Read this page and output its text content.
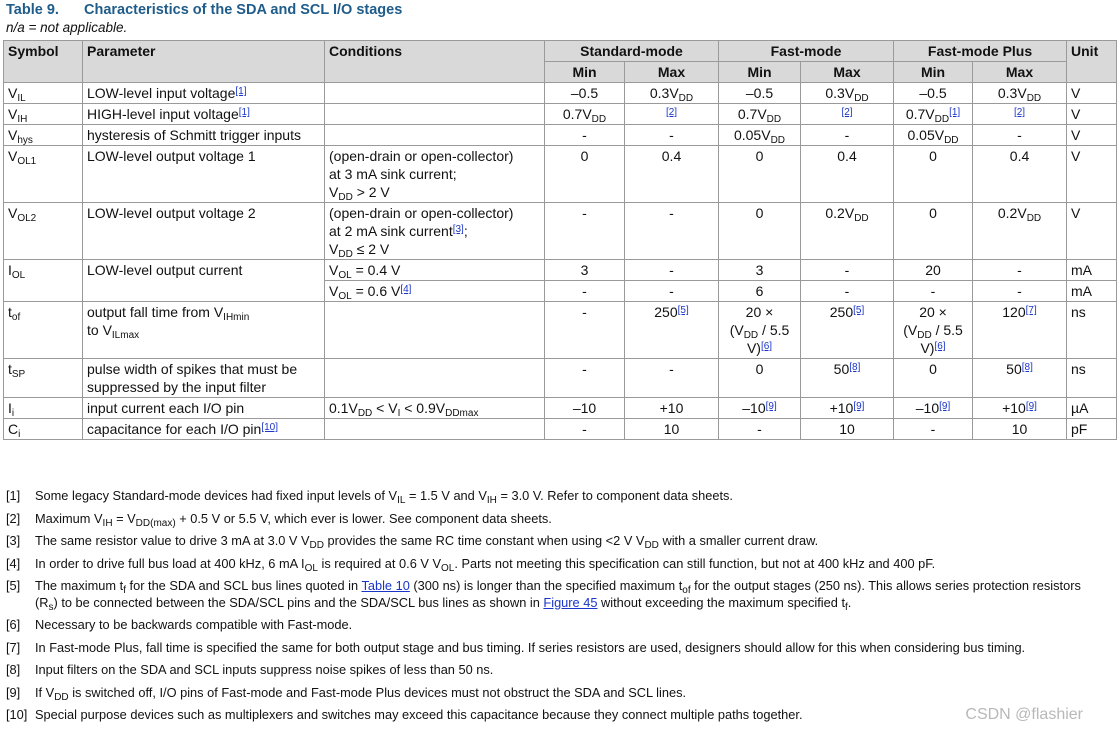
Table 9. Characteristics of the SDA and SCL I/O stages
n/a = not applicable.
Symbol	Parameter	Conditions	Standard-mode		Fast-mode		Fast-mode Plus		Unit
			Min	Max	Min	Max	Min	Max	
$V_{IL}$	LOW-level input voltage[1]		–0.5	$0.3V_{DD}$	–0.5	$0.3V_{DD}$	–0.5	$0.3V_{DD}$	V
$V_{IH}$	HIGH-level input voltage[1]		$0.7V_{DD}$	[2]	$0.7V_{DD}$	[2]	$0.7V_{DD}[1]$	[2]	V
$V_{hys}$	hysteresis of Schmitt trigger inputs		-	-	$0.05V_{DD}$	-	$0.05V_{DD}$	-	V
$V_{OL1}$	LOW-level output voltage 1	(open-drain or open-collector)
at 3 mA sink current;
$V_{DD} > 2$ V	0	0.4	0	0.4	0	0.4	V
$V_{OL2}$	LOW-level output voltage 2	(open-drain or open-collector)
at 2 mA sink current[3];
$V_{DD} \le 2$ V	-	-	0	$0.2V_{DD}$	0	$0.2V_{DD}$	V
$I_{OL}$	LOW-level output current	$V_{OL} = 0.4$ V	3	-	3	-	20	-	mA
		$V_{OL} = 0.6$ V[4]	-	-	6	-	-	-	mA
$t_{of}$	output fall time from $V_{IHmin}$
to $V_{ILmax}$		-	250[5]	20 ×
($V_{DD} / 5.5$ V)[6]	250[5]	20 ×
($V_{DD} / 5.5$ V)[6]	120[7]	ns
$t_{SP}$	pulse width of spikes that must be
suppressed by the input filter		-	-	0	50[8]	0	50[8]	ns
$I_i$	input current each I/O pin	$0.1V_{DD} < V_I < 0.9V_{DDmax}$	–10	+10	–10[9]	+10[9]	–10[9]	+10[9]	µA
$C_i$	capacitance for each I/O pin[10]		-	10	-	10	-	10	pF
[1]	Some legacy Standard-mode devices had fixed input levels of $V_{IL} = 1.5$ V and $V_{IH} = 3.0$ V. Refer to component data sheets.
[2]	Maximum $V_{IH} = V_{DD(max)} + 0.5$ V or 5.5 V, which ever is lower. See component data sheets.
[3]	The same resistor value to drive 3 mA at 3.0 V $V_{DD}$ provides the same RC time constant when using <2 V $V_{DD}$ with a smaller current draw.
[4]	In order to drive full bus load at 400 kHz, 6 mA $I_{OL}$ is required at 0.6 V $V_{OL}$. Parts not meeting this specification can still function, but not at 400 kHz and 400 pF.
[5]	The maximum $t_f$ for the SDA and SCL bus lines quoted in Table 10 (300 ns) is longer than the specified maximum $t_{of}$ for the output stages (250 ns). This allows series protection resistors $(R_s)$ to be connected between the SDA/SCL pins and the SDA/SCL bus lines as shown in Figure 45 without exceeding the maximum specified $t_f$.
[6]	Necessary to be backwards compatible with Fast-mode.
[7]	In Fast-mode Plus, fall time is specified the same for both output stage and bus timing. If series resistors are used, designers should allow for this when considering bus timing.
[8]	Input filters on the SDA and SCL inputs suppress noise spikes of less than 50 ns.
[9]	If $V_{DD}$ is switched off, I/O pins of Fast-mode and Fast-mode Plus devices must not obstruct the SDA and SCL lines.
[10] Special purpose devices such as multiplexers and switches may exceed this capacitance because they connect multiple paths together.	CSDN @flashier
